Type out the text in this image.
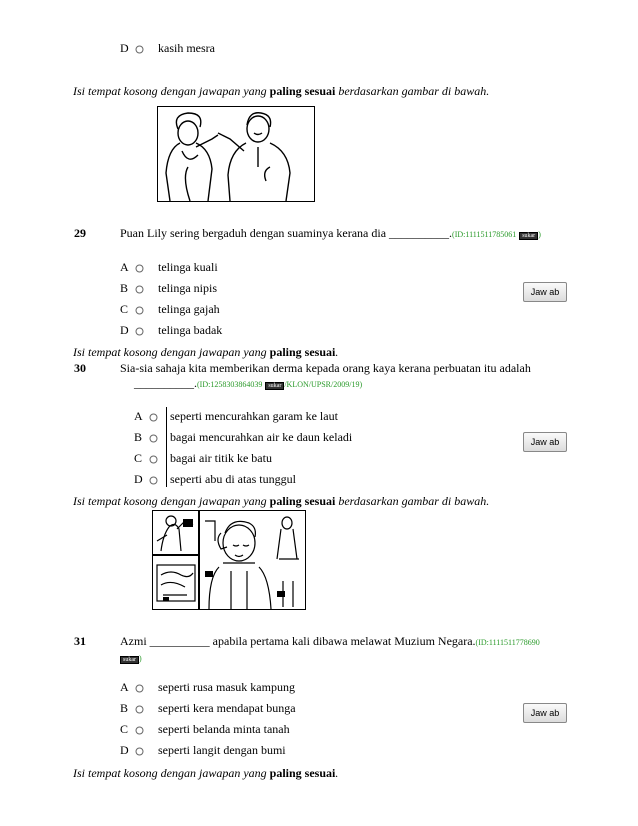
D kasih mesra
Isi tempat kosong dengan jawapan yang paling sesuai berdasarkan gambar di bawah.
29	Puan Lily sering bergaduh dengan suaminya kerana dia __________.(ID:1111511785061 sukar )
A telinga kuali
B telinga nipis
C telinga gajah
D telinga badak
Jaw ab
Isi tempat kosong dengan jawapan yang paling sesuai.
30	Sia-sia sahaja kita memberikan derma kepada orang kaya kerana perbuatan itu adalah
__________.(ID:1258303864039 sukar /KLON/UPSR/2009/19)
A seperti mencurahkan garam ke laut
B bagai mencurahkan air ke daun keladi
C bagai air titik ke batu
D seperti abu di atas tunggul
Jaw ab
Isi tempat kosong dengan jawapan yang paling sesuai berdasarkan gambar di bawah.
31	Azmi __________ apabila pertama kali dibawa melawat Muzium Negara.(ID:1111511778690
sukar )
A seperti rusa masuk kampung
B seperti kera mendapat bunga
C seperti belanda minta tanah
D seperti langit dengan bumi
Jaw ab
Isi tempat kosong dengan jawapan yang paling sesuai.
